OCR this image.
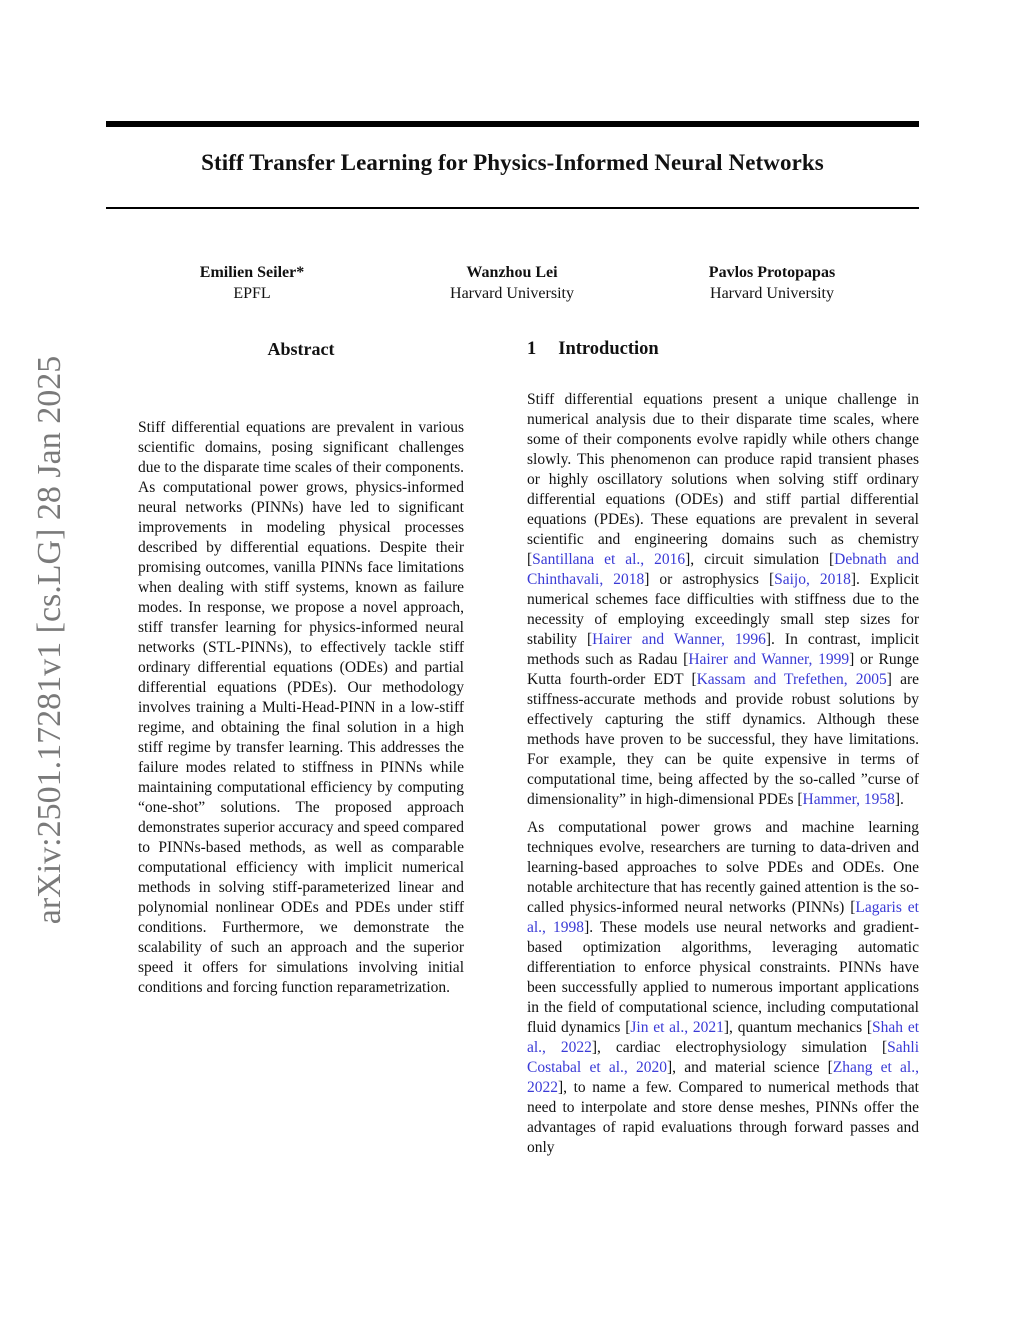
arXiv:2501.17281v1 [cs.LG] 28 Jan 2025
Stiff Transfer Learning for Physics-Informed Neural Networks
Emilien Seiler*
EPFL
Wanzhou Lei
Harvard University
Pavlos Protopapas
Harvard University
Abstract
Stiff differential equations are prevalent in various scientific domains, posing significant challenges due to the disparate time scales of their components. As computational power grows, physics-informed neural networks (PINNs) have led to significant improvements in modeling physical processes described by differential equations. Despite their promising outcomes, vanilla PINNs face limitations when dealing with stiff systems, known as failure modes. In response, we propose a novel approach, stiff transfer learning for physics-informed neural networks (STL-PINNs), to effectively tackle stiff ordinary differential equations (ODEs) and partial differential equations (PDEs). Our methodology involves training a Multi-Head-PINN in a low-stiff regime, and obtaining the final solution in a high stiff regime by transfer learning. This addresses the failure modes related to stiffness in PINNs while maintaining computational efficiency by computing “one-shot” solutions. The proposed approach demonstrates superior accuracy and speed compared to PINNs-based methods, as well as comparable computational efficiency with implicit numerical methods in solving stiff-parameterized linear and polynomial nonlinear ODEs and PDEs under stiff conditions. Furthermore, we demonstrate the scalability of such an approach and the superior speed it offers for simulations involving initial conditions and forcing function reparametrization.
1 Introduction

Stiff differential equations present a unique challenge in numerical analysis due to their disparate time scales, where some of their components evolve rapidly while others change slowly. This phenomenon can produce rapid transient phases or highly oscillatory solutions when solving stiff ordinary differential equations (ODEs) and stiff partial differential equations (PDEs). These equations are prevalent in several scientific and engineering domains such as chemistry [Santillana et al., 2016], circuit simulation [Debnath and Chinthavali, 2018] or astrophysics [Saijo, 2018]. Explicit numerical schemes face difficulties with stiffness due to the necessity of employing exceedingly small step sizes for stability [Hairer and Wanner, 1996]. In contrast, implicit methods such as Radau [Hairer and Wanner, 1999] or Runge Kutta fourth-order EDT [Kassam and Trefethen, 2005] are stiffness-accurate methods and provide robust solutions by effectively capturing the stiff dynamics. Although these methods have proven to be successful, they have limitations. For example, they can be quite expensive in terms of computational time, being affected by the so-called ”curse of dimensionality” in high-dimensional PDEs [Hammer, 1958].

As computational power grows and machine learning techniques evolve, researchers are turning to data-driven and learning-based approaches to solve PDEs and ODEs. One notable architecture that has recently gained attention is the so-called physics-informed neural networks (PINNs) [Lagaris et al., 1998]. These models use neural networks and gradient-based optimization algorithms, leveraging automatic differentiation to enforce physical constraints. PINNs have been successfully applied to numerous important applications in the field of computational science, including computational fluid dynamics [Jin et al., 2021], quantum mechanics [Shah et al., 2022], cardiac electrophysiology simulation [Sahli Costabal et al., 2020], and material science [Zhang et al., 2022], to name a few. Compared to numerical methods that need to interpolate and store dense meshes, PINNs offer the advantages of rapid evaluations through forward passes and only
